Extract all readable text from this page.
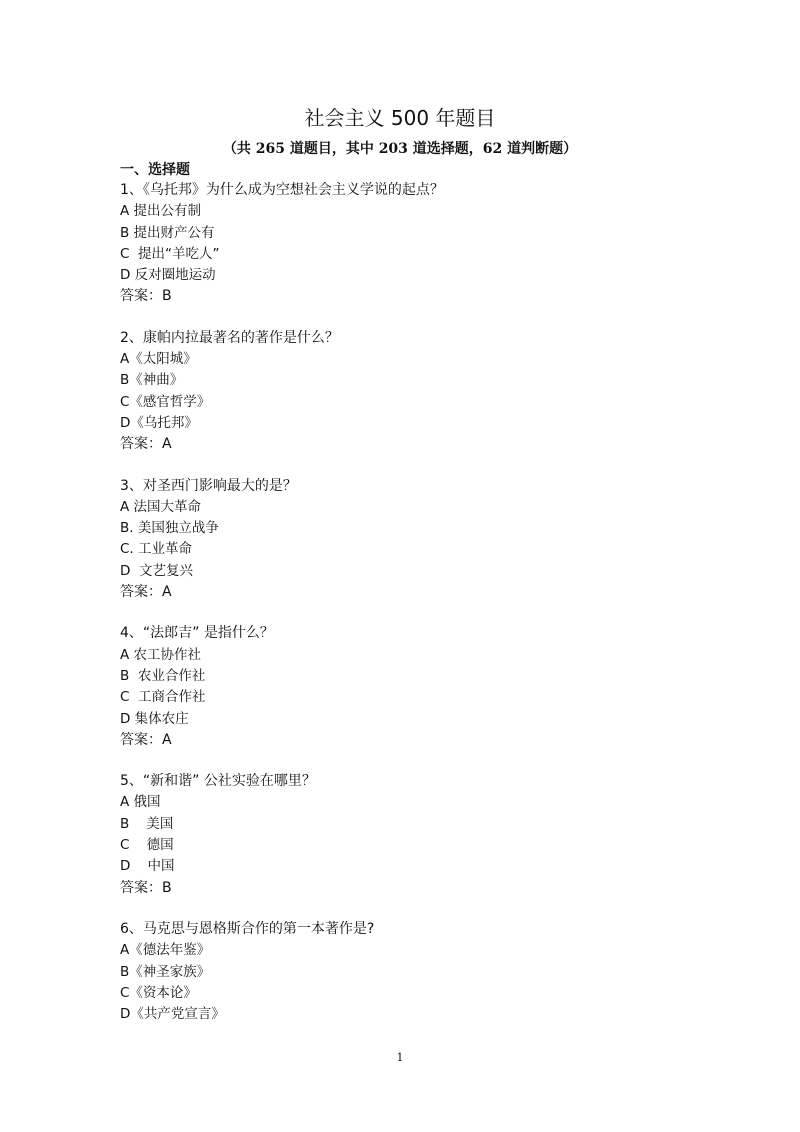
社会主义 500 年题目
（共 265 道题目，其中 203 道选择题，62 道判断题）
一、选择题
1、《乌托邦》为什么成为空想社会主义学说的起点？
A 提出公有制
B 提出财产公有
C  提出“羊吃人”
D 反对圈地运动
答案：B
2、康帕内拉最著名的著作是什么？
A《太阳城》
B《神曲》
C《感官哲学》
D《乌托邦》
答案：A
3、对圣西门影响最大的是？
A 法国大革命
B. 美国独立战争
C. 工业革命
D  文艺复兴
答案：A
4、“法郎吉” 是指什么？
A 农工协作社
B  农业合作社
C  工商合作社
D 集体农庄
答案：A
5、“新和谐” 公社实验在哪里？
A 俄国
B    美国
C    德国
D    中国
答案：B
6、马克思与恩格斯合作的第一本著作是?
A《德法年鉴》
B《神圣家族》
C《资本论》
D《共产党宣言》
1
